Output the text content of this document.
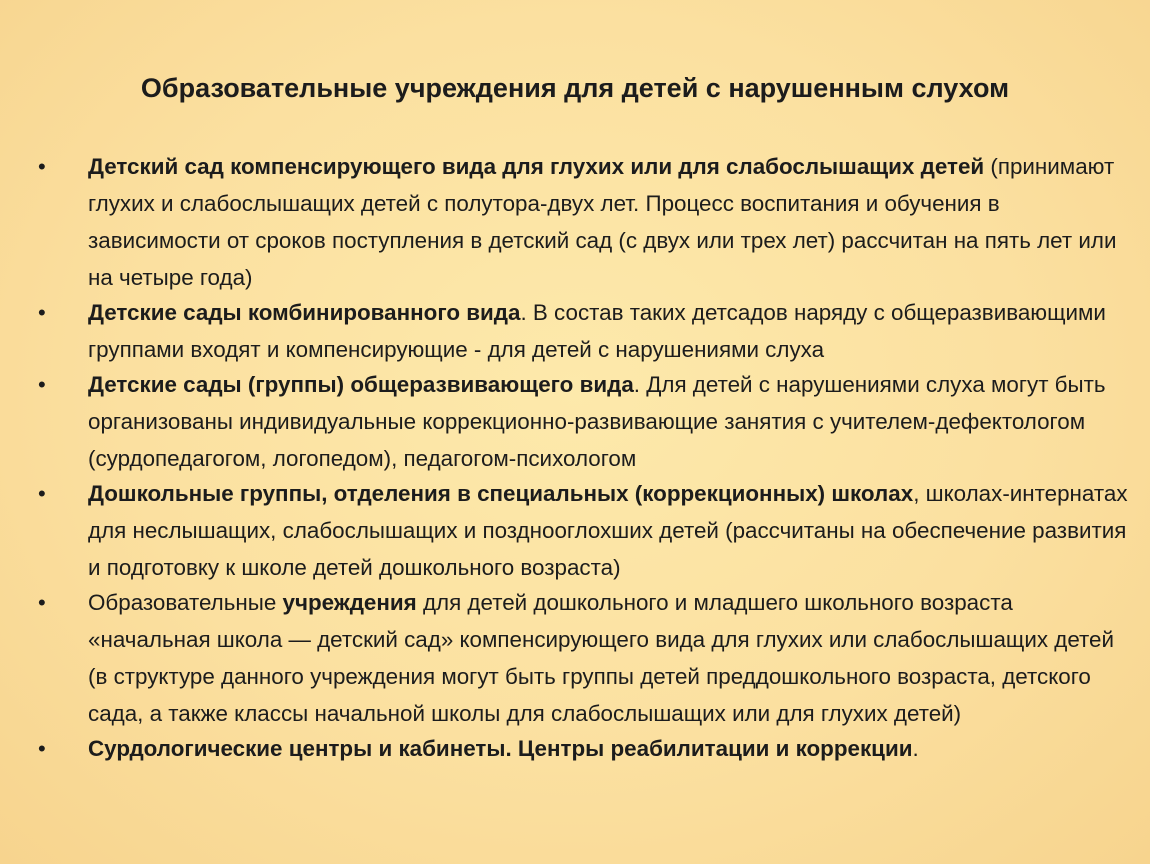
Образовательные учреждения для детей с нарушенным слухом
•	Детский сад компенсирующего вида для глухих или для слабослышащих детей (принимают глухих и слабослышащих детей с полутора-двух лет. Процесс воспитания и обучения в зависимости от сроков поступления в детский сад (с двух или трех лет) рассчитан на пять лет или на четыре года)
•	Детские сады комбинированного вида. В состав таких детсадов наряду с общеразвивающими группами входят и компенсирующие - для детей с нарушениями слуха
•	Детские сады (группы) общеразвивающего вида. Для детей с нарушениями слуха могут быть организованы индивидуальные коррекционно-развивающие занятия с учителем-дефектологом (сурдопедагогом, логопедом), педагогом-психологом
•	Дошкольные группы, отделения в специальных (коррекционных) школах, школах-интернатах для неслышащих, слабослышащих и позднооглохших детей (рассчитаны на обеспечение развития и подготовку к школе детей дошкольного возраста)
•	Образовательные учреждения для детей дошкольного и младшего школьного возраста «начальная школа — детский сад» компенсирующего вида для глухих или слабослышащих детей (в структуре данного учреждения могут быть группы детей преддошкольного возраста, детского сада, а также классы начальной школы для слабослышащих или для глухих детей)
•	Сурдологические центры и кабинеты. Центры реабилитации и коррекции.
